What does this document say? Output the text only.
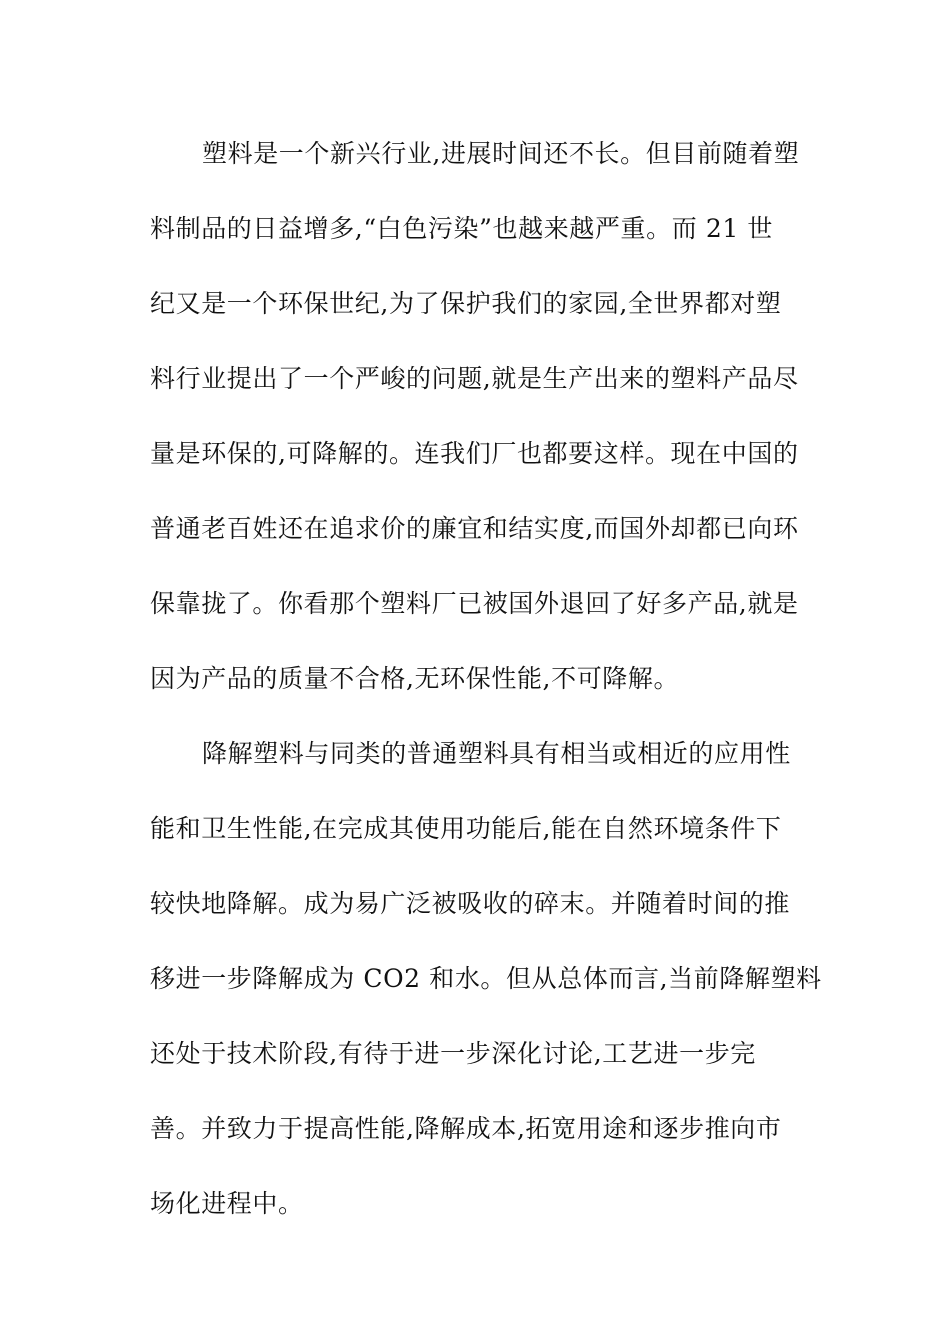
塑料是一个新兴行业,进展时间还不长。但目前随着塑
料制品的日益增多,“白色污染”也越来越严重。而 21 世
纪又是一个环保世纪,为了保护我们的家园,全世界都对塑
料行业提出了一个严峻的问题,就是生产出来的塑料产品尽
量是环保的,可降解的。连我们厂也都要这样。现在中国的
普通老百姓还在追求价的廉宜和结实度,而国外却都已向环
保靠拢了。你看那个塑料厂已被国外退回了好多产品,就是
因为产品的质量不合格,无环保性能,不可降解。
降解塑料与同类的普通塑料具有相当或相近的应用性
能和卫生性能,在完成其使用功能后,能在自然环境条件下
较快地降解。成为易广泛被吸收的碎末。并随着时间的推
移进一步降解成为 CO2 和水。但从总体而言,当前降解塑料
还处于技术阶段,有待于进一步深化讨论,工艺进一步完
善。并致力于提高性能,降解成本,拓宽用途和逐步推向市
场化进程中。
